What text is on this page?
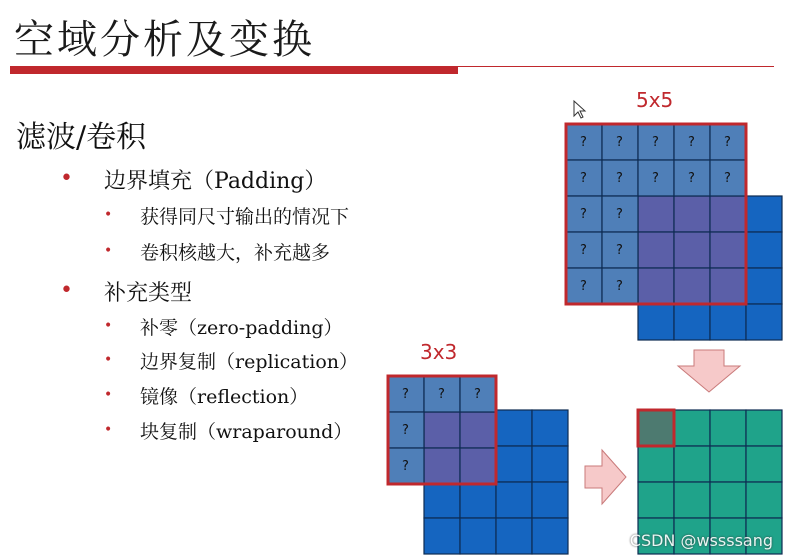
空域分析及变换
滤波/卷积
• 边界填充（Padding）
• 获得同尺寸输出的情况下
• 卷积核越大，补充越多
• 补充类型
• 补零（zero-padding）
• 边界复制（replication）
• 镜像（reflection）
• 块复制（wraparound）
5x5
3x3
? ? ? ? ?
? ? ? ? ?
? ?
? ?
? ?
? ? ?
?
?
CSDN @wssssang
